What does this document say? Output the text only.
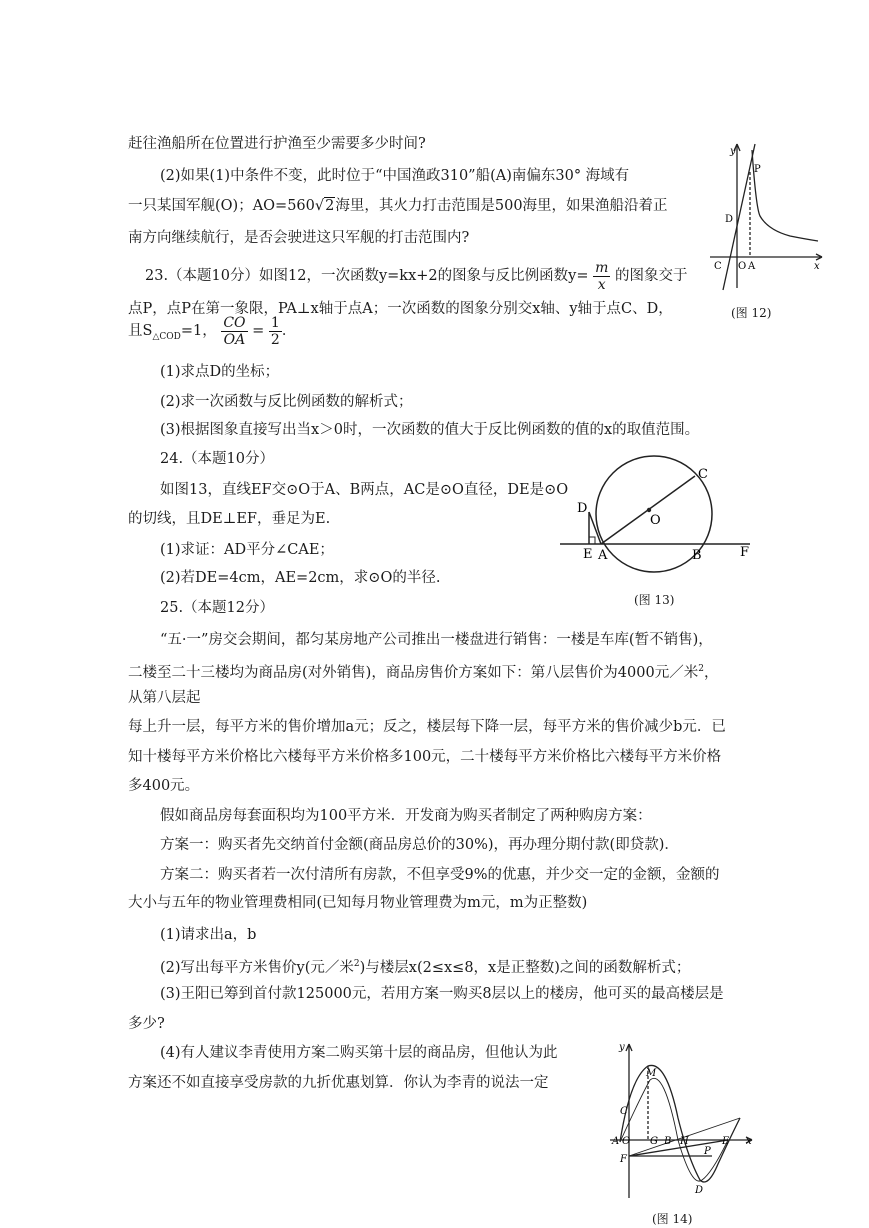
赶往渔船所在位置进行护渔至少需要多少时间?
(2)如果(1)中条件不变，此时位于“中国渔政310”船(A)南偏东30° 海域有
一只某国军舰(O)；AO=560√2海里，其火力打击范围是500海里，如果渔船沿着正
南方向继续航行，是否会驶进这只军舰的打击范围内?
23.（本题10分）如图12，一次函数y=kx+2的图象与反比例函数$y= \frac{m}{x}$ 的图象交于
点P，点P在第一象限，PA⊥x轴于点A；一次函数的图象分别交x轴、y轴于点C、D，
且$S_{\triangle COD}=1$， $\frac{CO}{OA} = \frac{1}{2}$ ．
(1)求点D的坐标；
(2)求一次函数与反比例函数的解析式；
(3)根据图象直接写出当x＞0时，一次函数的值大于反比例函数的值的x的取值范围。
24.（本题10分）
如图13，直线EF交⊙O于A、B两点，AC是⊙O直径，DE是⊙O
的切线，且DE⊥EF，垂足为E.
(1)求证：AD平分∠CAE；
(2)若DE=4cm，AE=2cm，求⊙O的半径.
25.（本题12分）
“五·一”房交会期间，都匀某房地产公司推出一楼盘进行销售：一楼是车库(暂不销售)，
二楼至二十三楼均为商品房(对外销售)，商品房售价方案如下：第八层售价为4000元／米$^2$，
从第八层起
每上升一层，每平方米的售价增加a元；反之，楼层每下降一层，每平方米的售价减少b元．已
知十楼每平方米价格比六楼每平方米价格多100元，二十楼每平方米价格比六楼每平方米价格
多400元。
假如商品房每套面积均为100平方米．开发商为购买者制定了两种购房方案：
方案一：购买者先交纳首付金额(商品房总价的30%)，再办理分期付款(即贷款)．
方案二：购买者若一次付清所有房款，不但享受9%的优惠，并少交一定的金额，金额的
大小与五年的物业管理费相同(已知每月物业管理费为m元，m为正整数)
(1)请求出a，b
(2)写出每平方米售价y(元／米$^2$)与楼层x(2≤x≤8，x是正整数)之间的函数解析式；
(3)王阳已筹到首付款125000元，若用方案一购买8层以上的楼房，他可买的最高楼层是
多少?
(4)有人建议李青使用方案二购买第十层的商品房，但他认为此
方案还不如直接享受房款的九折优惠划算．你认为李青的说法一定
y
P
D
C O A	x
(图 12)
C
O
D
E A	B	F
(图 13)
y
M
C
A O G B H	E x
F
P
D
(图 14)
